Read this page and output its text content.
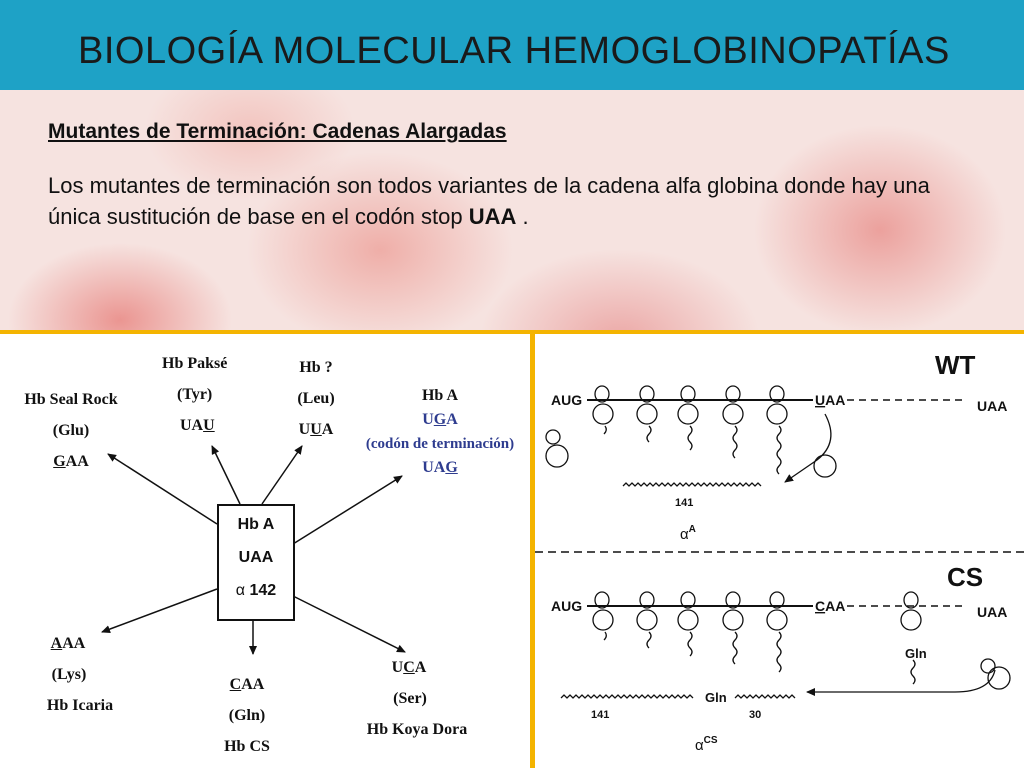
BIOLOGÍA MOLECULAR HEMOGLOBINOPATÍAS
Mutantes de Terminación: Cadenas Alargadas
Los mutantes de terminación son todos variantes de la cadena alfa globina donde hay una única sustitución de base en el codón stop UAA .
Hb A
UAA
α 142
Hb Seal Rock
(Glu)
GAA
Hb Paksé
(Tyr)
UAU
Hb ?
(Leu)
UUA
Hb A
UGA
(codón de terminación)
UAG
AAA
(Lys)
Hb Icaria
CAA
(Gln)
Hb CS
UCA
(Ser)
Hb Koya Dora
WT
AUG	UAA	UAA
141
$\alpha^A$
CS
AUG	CAA	UAA
Gln
Gln
141	30
$\alpha^{CS}$
